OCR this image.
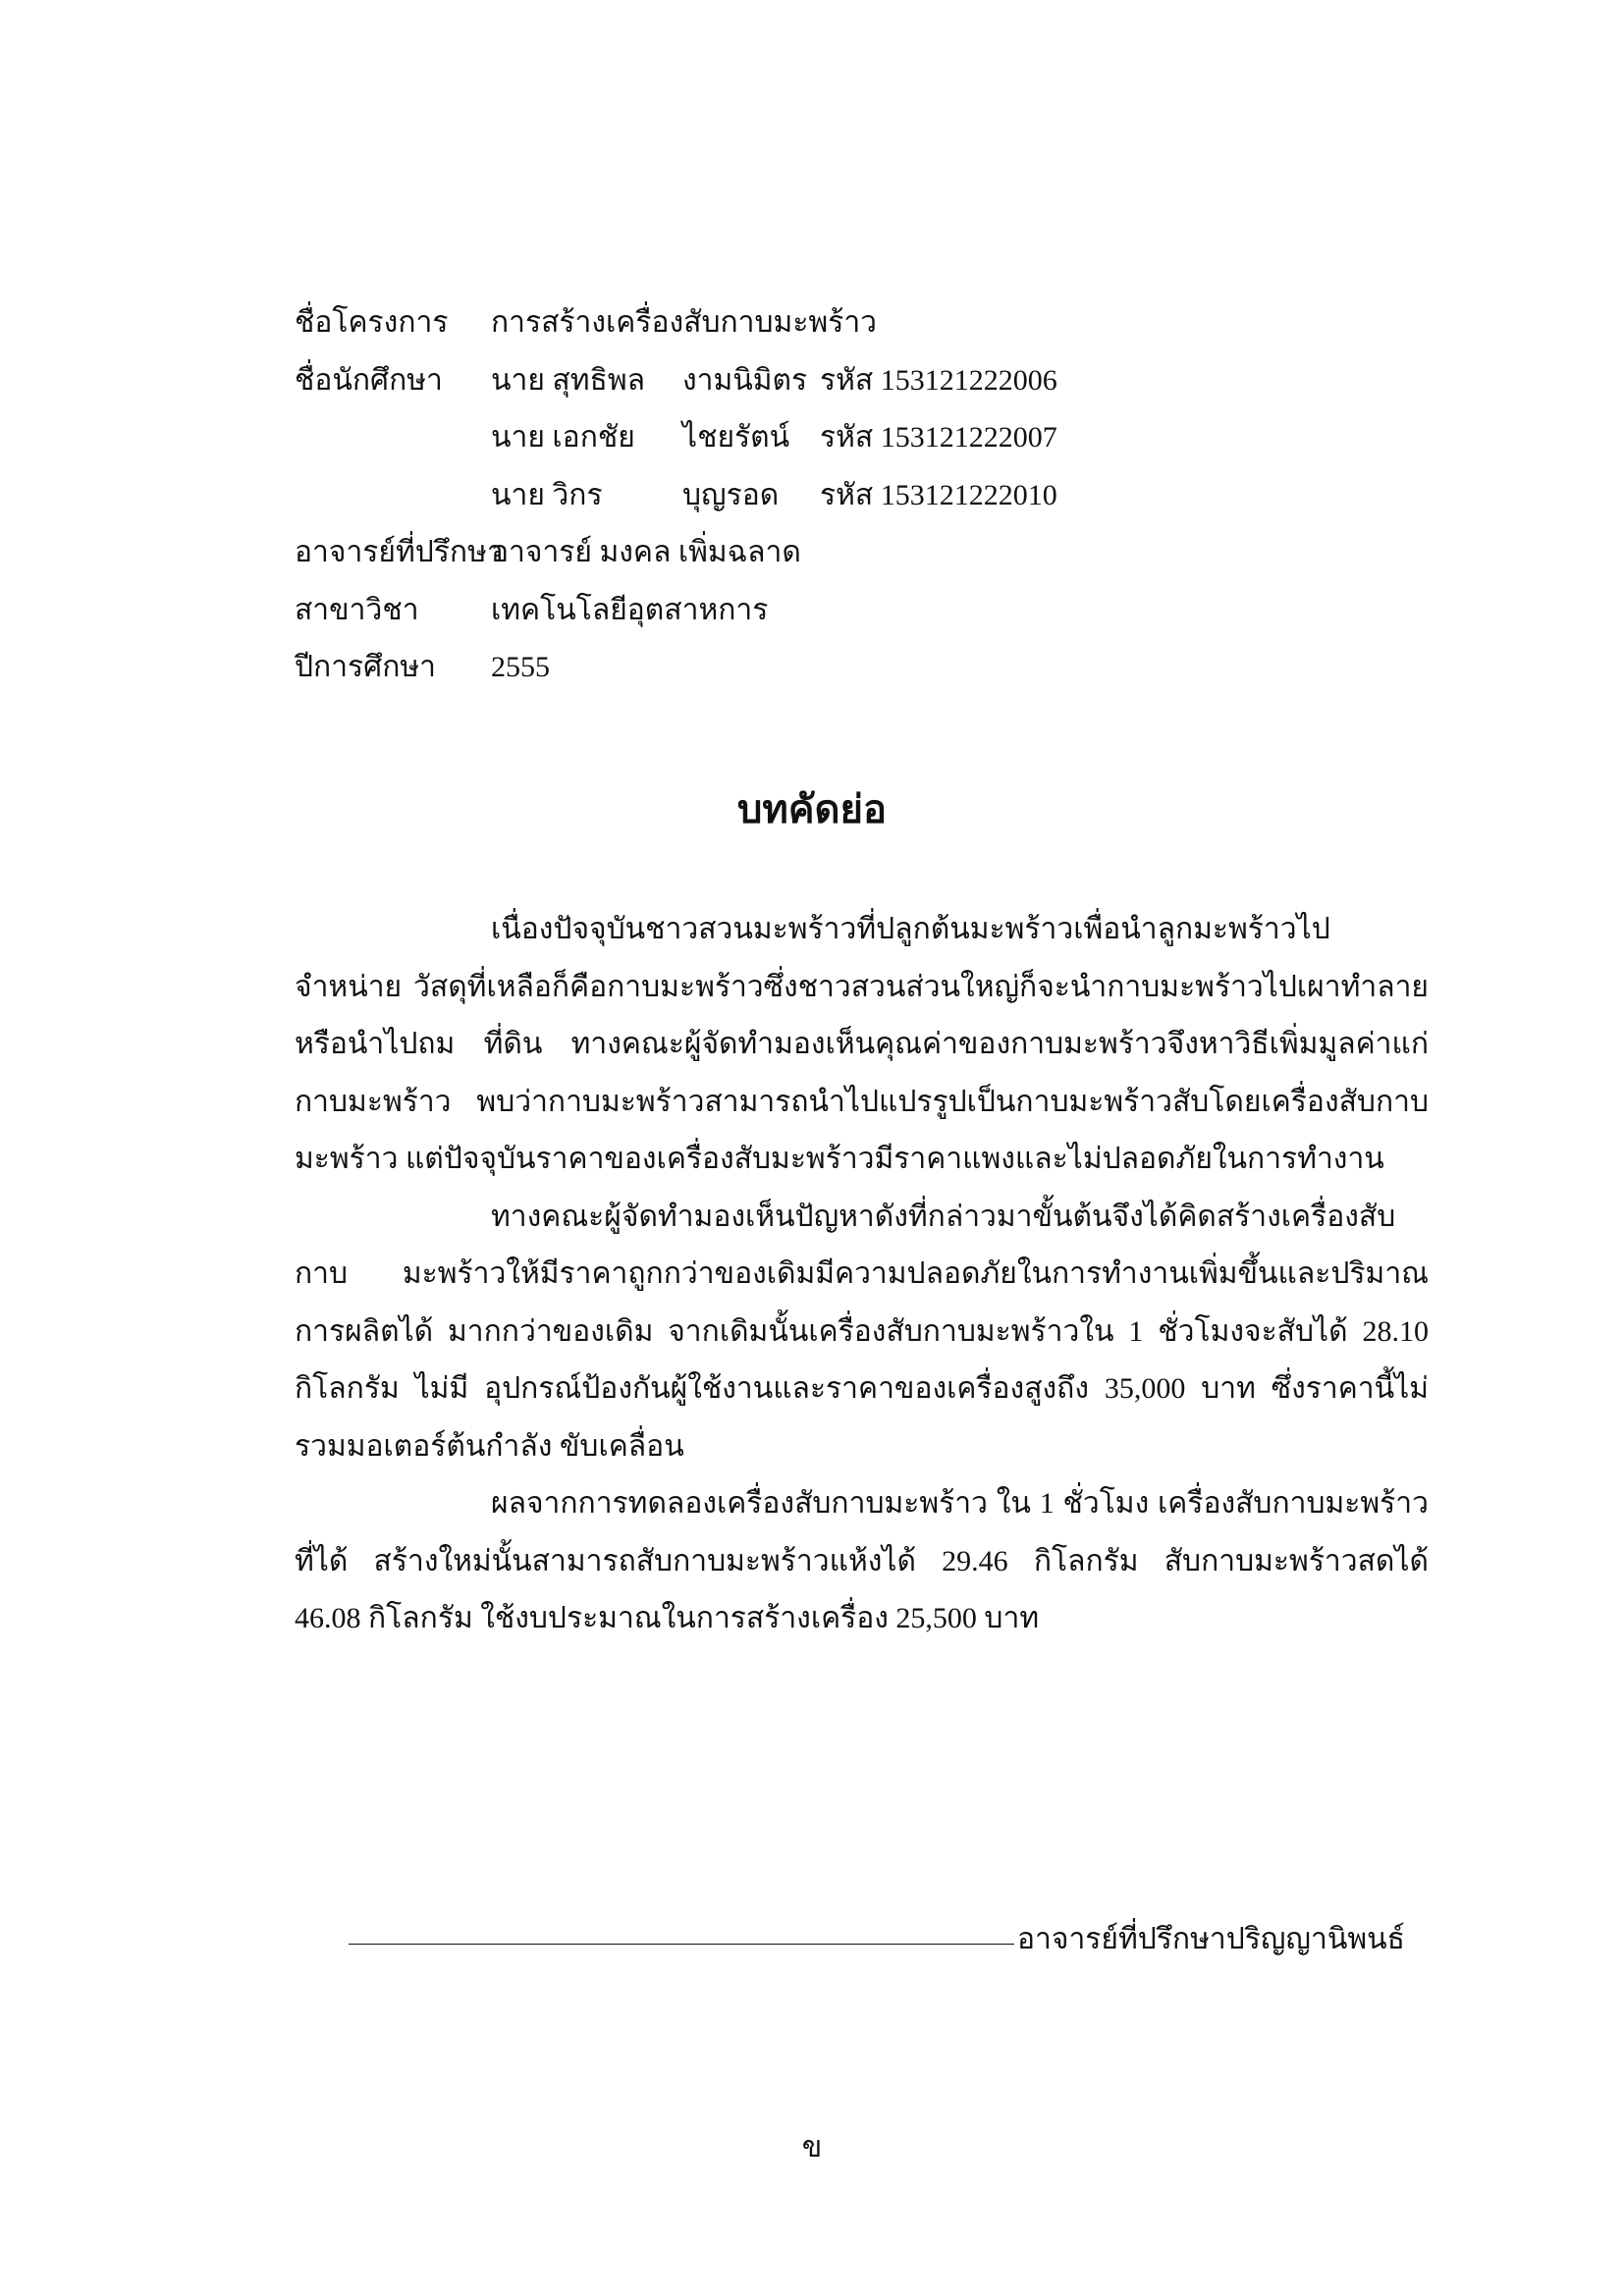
ชื่อโครงการ การสร้างเครื่องสับกาบมะพร้าว
ชื่อนักศึกษา นาย สุทธิพล งามนิมิตร รหัส 153121222006
นาย เอกชัย ไชยรัตน์ รหัส 153121222007
นาย วิกร	บุญรอด รหัส 153121222010
อาจารย์ที่ปรึกษา
อาจารย์ มงคล เพิ่มฉลาด
สาขาวิชา เทคโนโลยีอุตสาหการ
ปีการศึกษา 2555
บทคัดย่อ

เนื่องปัจจุบันชาวสวนมะพร้าวที่ปลูกต้นมะพร้าวเพื่อนำลูกมะพร้าวไปจำหน่าย วัสดุที่เหลือก็คือกาบมะพร้าวซึ่งชาวสวนส่วนใหญ่ก็จะนำกาบมะพร้าวไปเผาทำลายหรือนำไปถม ที่ดิน ทางคณะผู้จัดทำมองเห็นคุณค่าของกาบมะพร้าวจึงหาวิธีเพิ่มมูลค่าแก่กาบมะพร้าว พบว่ากาบมะพร้าวสามารถนำไปแปรรูปเป็นกาบมะพร้าวสับโดยเครื่องสับกาบมะพร้าว แต่ปัจจุบันราคาของเครื่องสับมะพร้าวมีราคาแพงและไม่ปลอดภัยในการทำงาน

ทางคณะผู้จัดทำมองเห็นปัญหาดังที่กล่าวมาขั้นต้นจึงได้คิดสร้างเครื่องสับกาบ มะพร้าวให้มีราคาถูกกว่าของเดิมมีความปลอดภัยในการทำงานเพิ่มขึ้นและปริมาณการผลิตได้ มากกว่าของเดิม จากเดิมนั้นเครื่องสับกาบมะพร้าวใน 1 ชั่วโมงจะสับได้ 28.10 กิโลกรัม ไม่มี อุปกรณ์ป้องกันผู้ใช้งานและราคาของเครื่องสูงถึง 35,000 บาท ซึ่งราคานี้ไม่รวมมอเตอร์ต้นกำลัง ขับเคลื่อน

ผลจากการทดลองเครื่องสับกาบมะพร้าว ใน 1 ชั่วโมง เครื่องสับกาบมะพร้าวที่ได้ สร้างใหม่นั้นสามารถสับกาบมะพร้าวแห้งได้ 29.46 กิโลกรัม สับกาบมะพร้าวสดได้ 46.08 กิโลกรัม ใช้งบประมาณในการสร้างเครื่อง 25,500 บาท

อาจารย์ที่ปรึกษาปริญญานิพนธ์
ข
